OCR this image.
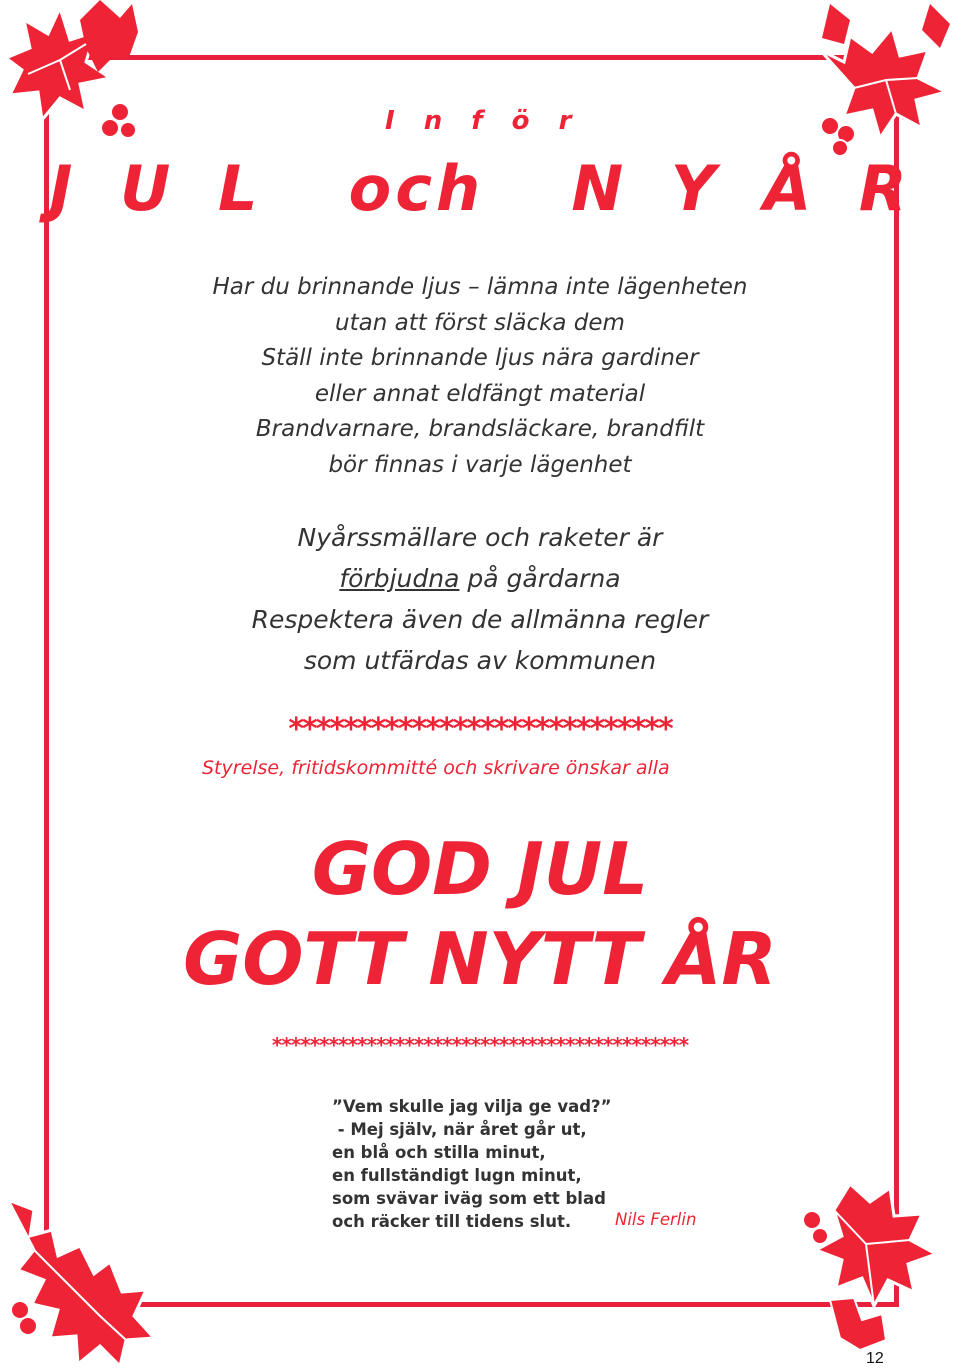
I n f ö r
J U L  och  N Y Å R
Har du brinnande ljus – lämna inte lägenheten
utan att först släcka dem
Ställ inte brinnande ljus nära gardiner
eller annat eldfängt material
Brandvarnare, brandsläckare, brandfilt
bör finnas i varje lägenhet
Nyårssmällare och raketer är
förbjudna på gårdarna
Respektera även de allmänna regler
som utfärdas av kommunen
****************************
Styrelse, fritidskommitté och skrivare önskar alla
GOD JUL
GOTT NYTT ÅR
********************************************
”Vem skulle jag vilja ge vad?”
- Mej själv, när året går ut,
en blå och stilla minut,
en fullständigt lugn minut,
som svävar iväg som ett blad
och räcker till tidens slut.	Nils Ferlin
12
